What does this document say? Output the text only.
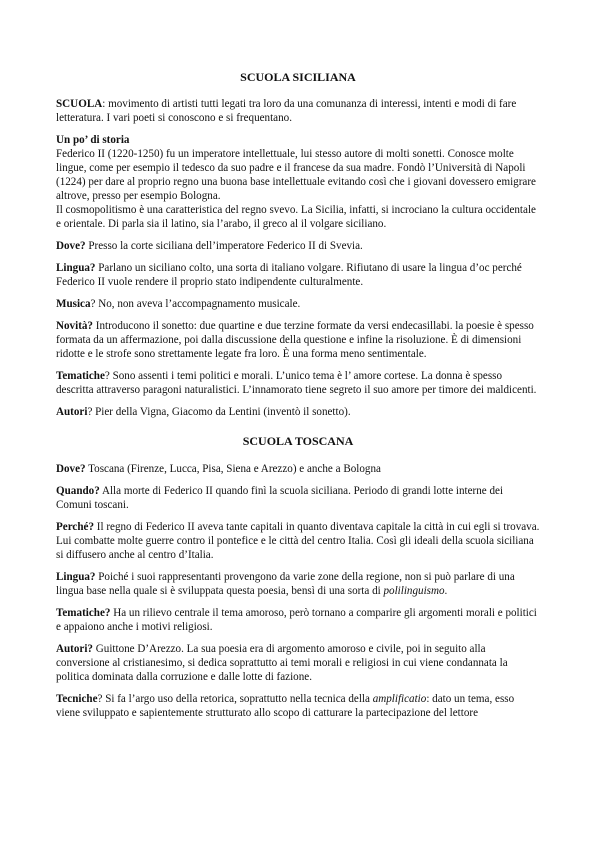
SCUOLA SICILIANA
SCUOLA: movimento di artisti tutti legati tra loro da una comunanza di interessi, intenti e modi di fare letteratura. I vari poeti si conoscono e si frequentano.
Un po’ di storia

Federico II (1220-1250) fu un imperatore intellettuale, lui stesso autore di molti sonetti. Conosce molte lingue, come per esempio il tedesco da suo padre e il francese da sua madre. Fondò l’Università di Napoli (1224) per dare al proprio regno una buona base intellettuale evitando così che i giovani dovessero emigrare altrove, presso per esempio Bologna.

Il cosmopolitismo è una caratteristica del regno svevo. La Sicilia, infatti, si incrociano la cultura occidentale e orientale. Di parla sia il latino, sia l’arabo, il greco al il volgare siciliano.

Dove? Presso la corte siciliana dell’imperatore Federico II di Svevia.
Lingua? Parlano un siciliano colto, una sorta di italiano volgare. Rifiutano di usare la lingua d’oc perché Federico II vuole rendere il proprio stato indipendente culturalmente.
Musica? No, non aveva l’accompagnamento musicale.
Novità? Introducono il sonetto: due quartine e due terzine formate da versi endecasillabi. la poesie è spesso formata da un affermazione, poi dalla discussione della questione e infine la risoluzione. È di dimensioni ridotte e le strofe sono strettamente legate fra loro. È una forma meno sentimentale.
Tematiche? Sono assenti i temi politici e morali. L’unico tema è l’ amore cortese. La donna è spesso descritta attraverso paragoni naturalistici. L’innamorato tiene segreto il suo amore per timore dei maldicenti.
Autori? Pier della Vigna, Giacomo da Lentini (inventò il sonetto).
SCUOLA TOSCANA
Dove? Toscana (Firenze, Lucca, Pisa, Siena e Arezzo) e anche a Bologna
Quando? Alla morte di Federico II quando finì la scuola siciliana. Periodo di grandi lotte interne dei Comuni toscani.
Perché? Il regno di Federico II aveva tante capitali in quanto diventava capitale la città in cui egli si trovava. Lui combatte molte guerre contro il pontefice e le città del centro Italia. Così gli ideali della scuola siciliana si diffusero anche al centro d’Italia.
Lingua? Poiché i suoi rappresentanti provengono da varie zone della regione, non si può parlare di una lingua base nella quale si è sviluppata questa poesia, bensì di una sorta di polilinguismo.
Tematiche? Ha un rilievo centrale il tema amoroso, però tornano a comparire gli argomenti morali e politici e appaiono anche i motivi religiosi.
Autori? Guittone D’Arezzo. La sua poesia era di argomento amoroso e civile, poi in seguito alla conversione al cristianesimo, si dedica soprattutto ai temi morali e religiosi in cui viene condannata la politica dominata dalla corruzione e dalle lotte di fazione.
Tecniche? Si fa l’argo uso della retorica, soprattutto nella tecnica della amplificatio: dato un tema, esso viene sviluppato e sapientemente strutturato allo scopo di catturare la partecipazione del lettore
